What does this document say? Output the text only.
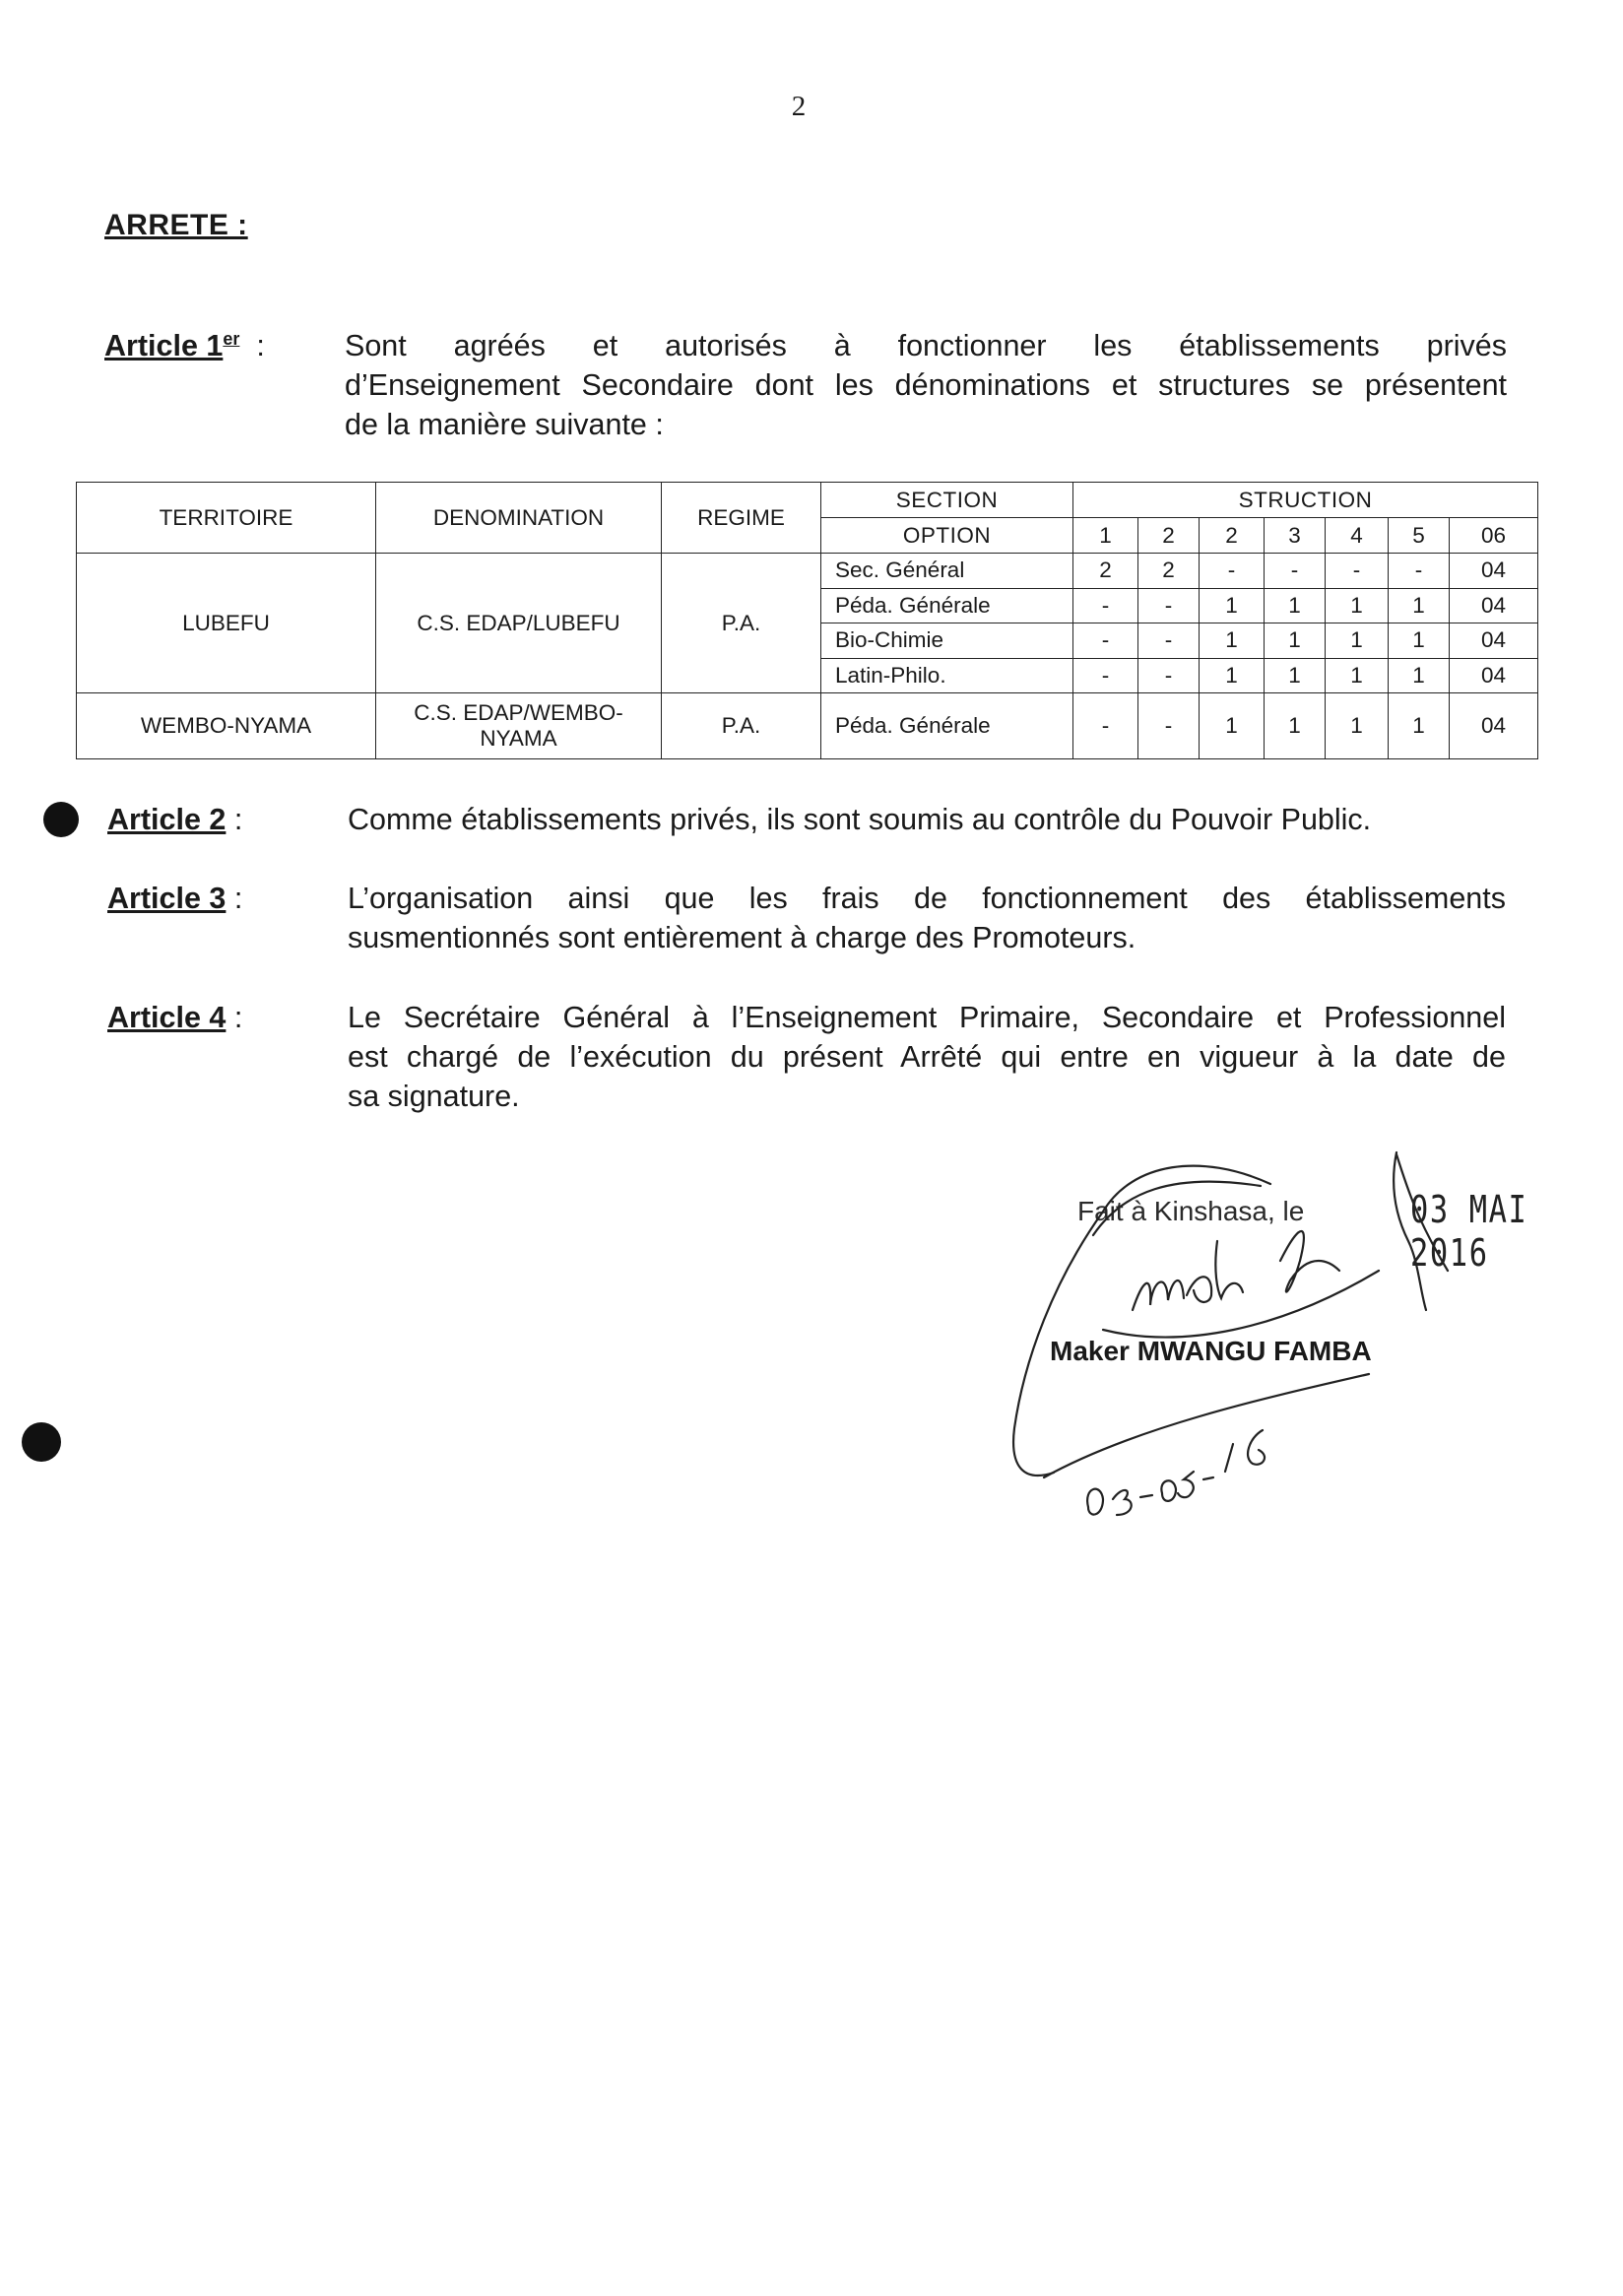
2
ARRETE :
Article 1er :	Sont agréés et autorisés à fonctionner les établissements privés
d’Enseignement Secondaire dont les dénominations et structures se présentent
de la manière suivante :

TERRITOIRE	DENOMINATION	REGIME	SECTION	STRUCTION						
			OPTION	1	2	2	3	4	5	06
LUBEFU	C.S. EDAP/LUBEFU	P.A.	Sec. Général	2	2	-	-	-	-	04
			Péda. Générale	-	-	1	1	1	1	04
			Bio-Chimie	-	-	1	1	1	1	04
			Latin-Philo.	-	-	1	1	1	1	04
WEMBO-NYAMA	C.S. EDAP/WEMBO-NYAMA	P.A.	Péda. Générale	-	-	1	1	1	1	04
Article 2 :	Comme établissements privés, ils sont soumis au contrôle du Pouvoir Public.

Article 3 :	L’organisation ainsi que les frais de fonctionnement des établissements
susmentionnés sont entièrement à charge des Promoteurs.

Article 4 :	Le Secrétaire Général à l’Enseignement Primaire, Secondaire et Professionnel
est chargé de l’exécution du présent Arrêté qui entre en vigueur à la date de
sa signature.

Fait à Kinshasa, le	03 MAI 2016
Maker MWANGU FAMBA
